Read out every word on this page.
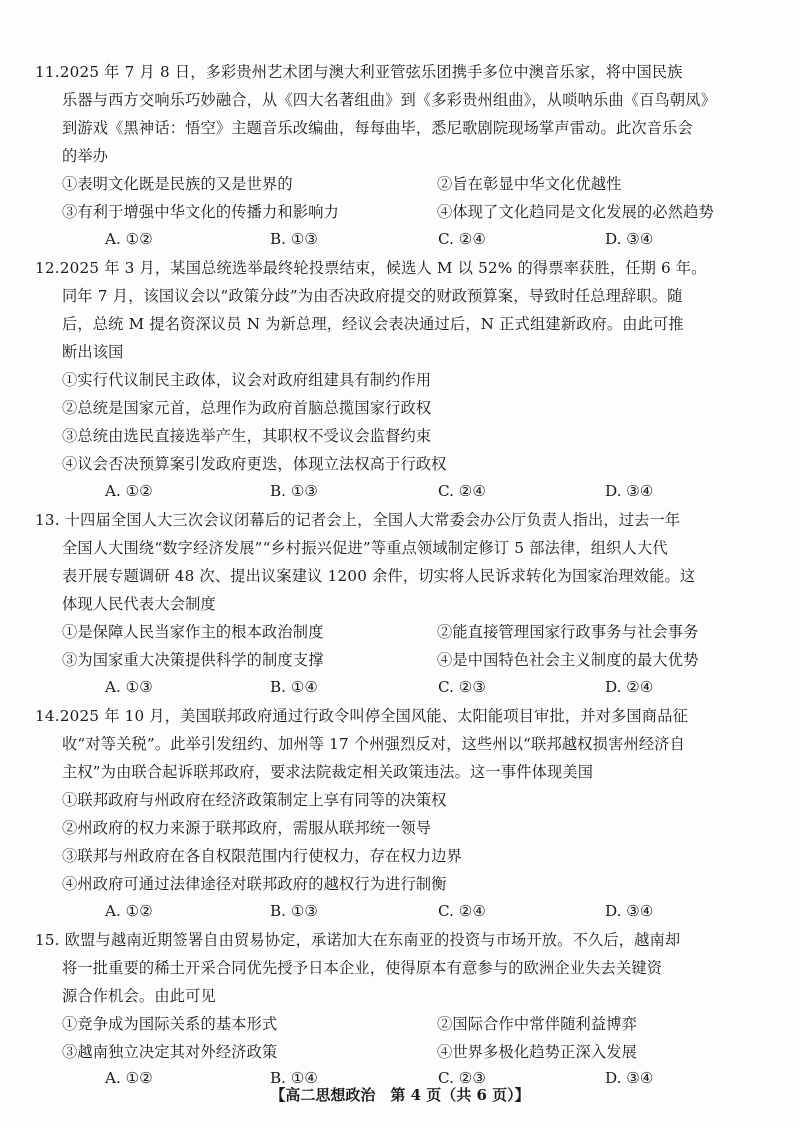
11.2025 年 7 月 8 日，多彩贵州艺术团与澳大利亚管弦乐团携手多位中澳音乐家，将中国民族
乐器与西方交响乐巧妙融合，从《四大名著组曲》到《多彩贵州组曲》，从唢呐乐曲《百鸟朝凤》
到游戏《黑神话：悟空》主题音乐改编曲，每每曲毕，悉尼歌剧院现场掌声雷动。此次音乐会
的举办
①表明文化既是民族的又是世界的	②旨在彰显中华文化优越性
③有利于增强中华文化的传播力和影响力	④体现了文化趋同是文化发展的必然趋势
A. ①②	B. ①③	C. ②④	D. ③④
12.2025 年 3 月，某国总统选举最终轮投票结束，候选人 M 以 52% 的得票率获胜，任期 6 年。
同年 7 月，该国议会以“政策分歧”为由否决政府提交的财政预算案，导致时任总理辞职。随
后，总统 M 提名资深议员 N 为新总理，经议会表决通过后，N 正式组建新政府。由此可推
断出该国
①实行代议制民主政体，议会对政府组建具有制约作用
②总统是国家元首，总理作为政府首脑总揽国家行政权
③总统由选民直接选举产生，其职权不受议会监督约束
④议会否决预算案引发政府更迭，体现立法权高于行政权
A. ①②	B. ①③	C. ②④	D. ③④
13. 十四届全国人大三次会议闭幕后的记者会上，全国人大常委会办公厅负责人指出，过去一年
全国人大围绕“数字经济发展”“乡村振兴促进”等重点领域制定修订 5 部法律，组织人大代
表开展专题调研 48 次、提出议案建议 1200 余件，切实将人民诉求转化为国家治理效能。这
体现人民代表大会制度
①是保障人民当家作主的根本政治制度	②能直接管理国家行政事务与社会事务
③为国家重大决策提供科学的制度支撑	④是中国特色社会主义制度的最大优势
A. ①③	B. ①④	C. ②③	D. ②④
14.2025 年 10 月，美国联邦政府通过行政令叫停全国风能、太阳能项目审批，并对多国商品征
收“对等关税”。此举引发纽约、加州等 17 个州强烈反对，这些州以“联邦越权损害州经济自
主权”为由联合起诉联邦政府，要求法院裁定相关政策违法。这一事件体现美国
①联邦政府与州政府在经济政策制定上享有同等的决策权
②州政府的权力来源于联邦政府，需服从联邦统一领导
③联邦与州政府在各自权限范围内行使权力，存在权力边界
④州政府可通过法律途径对联邦政府的越权行为进行制衡
A. ①②	B. ①③	C. ②④	D. ③④
15. 欧盟与越南近期签署自由贸易协定，承诺加大在东南亚的投资与市场开放。不久后，越南却
将一批重要的稀土开采合同优先授予日本企业，使得原本有意参与的欧洲企业失去关键资
源合作机会。由此可见
①竞争成为国际关系的基本形式	②国际合作中常伴随利益博弈
③越南独立决定其对外经济政策	④世界多极化趋势正深入发展
A. ①②	B. ①④	C. ②③	D. ③④
【高二思想政治　第 4 页（共 6 页）】
